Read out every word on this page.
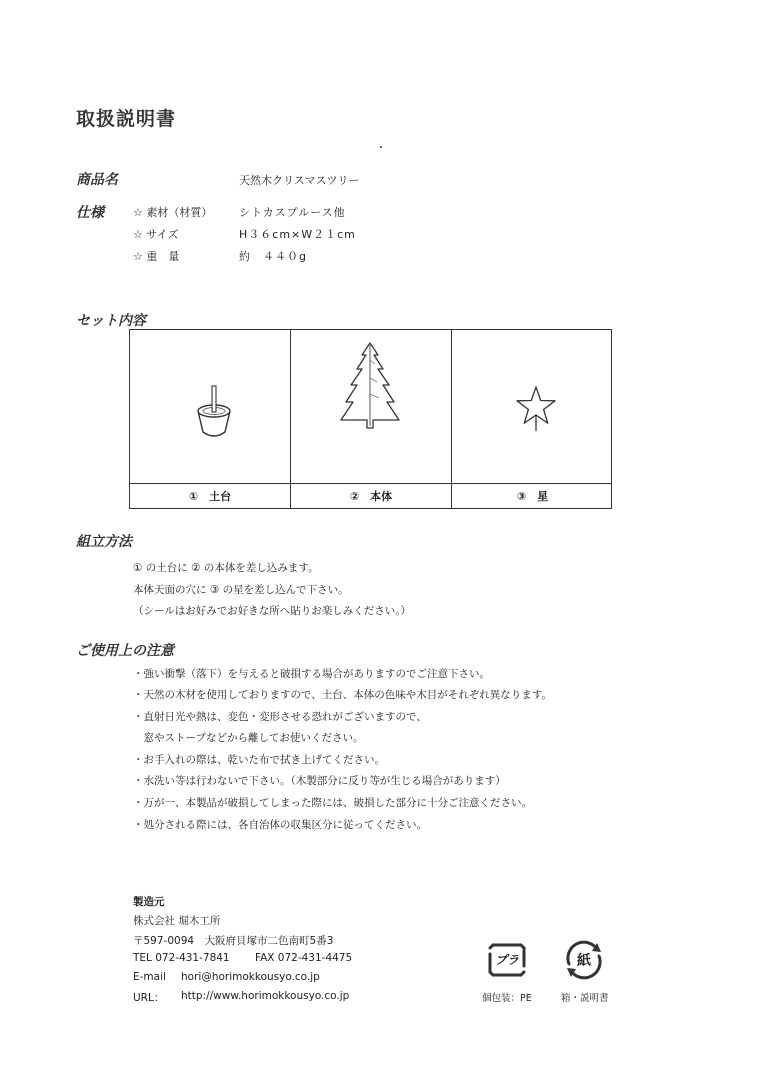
取扱説明書
商品名	天然木クリスマスツリー
仕様	☆ 素材（材質） シトカスプルース他
☆ サイズ	H３６cm×W２１cm
☆ 重　量	約　４４０g
セット内容
①　土台	②　本体	③　星
組立方法
① の土台に ② の本体を差し込みます。
本体天面の穴に ③ の星を差し込んで下さい。
（シールはお好みでお好きな所へ貼りお楽しみください。）
ご使用上の注意
・強い衝撃（落下）を与えると破損する場合がありますのでご注意下さい。
・天然の木材を使用しておりますので、土台、本体の色味や木目がそれぞれ異なります。
・直射日光や熱は、変色・変形させる恐れがございますので、
　窓やストーブなどから離してお使いください。
・お手入れの際は、乾いた布で拭き上げてください。
・水洗い等は行わないで下さい。（木製部分に反り等が生じる場合があります）
・万が一、本製品が破損してしまった際には、破損した部分に十分ご注意ください。
・処分される際には、各自治体の収集区分に従ってください。
製造元
株式会社 堀木工所
〒597-0094　大阪府貝塚市二色南町5番3
TEL 072-431-7841 FAX 072-431-4475
E-mail hori@horimokkousyo.co.jp
URL： http://www.horimokkousyo.co.jp
プラ
個包装：PE
紙
箱・説明書
